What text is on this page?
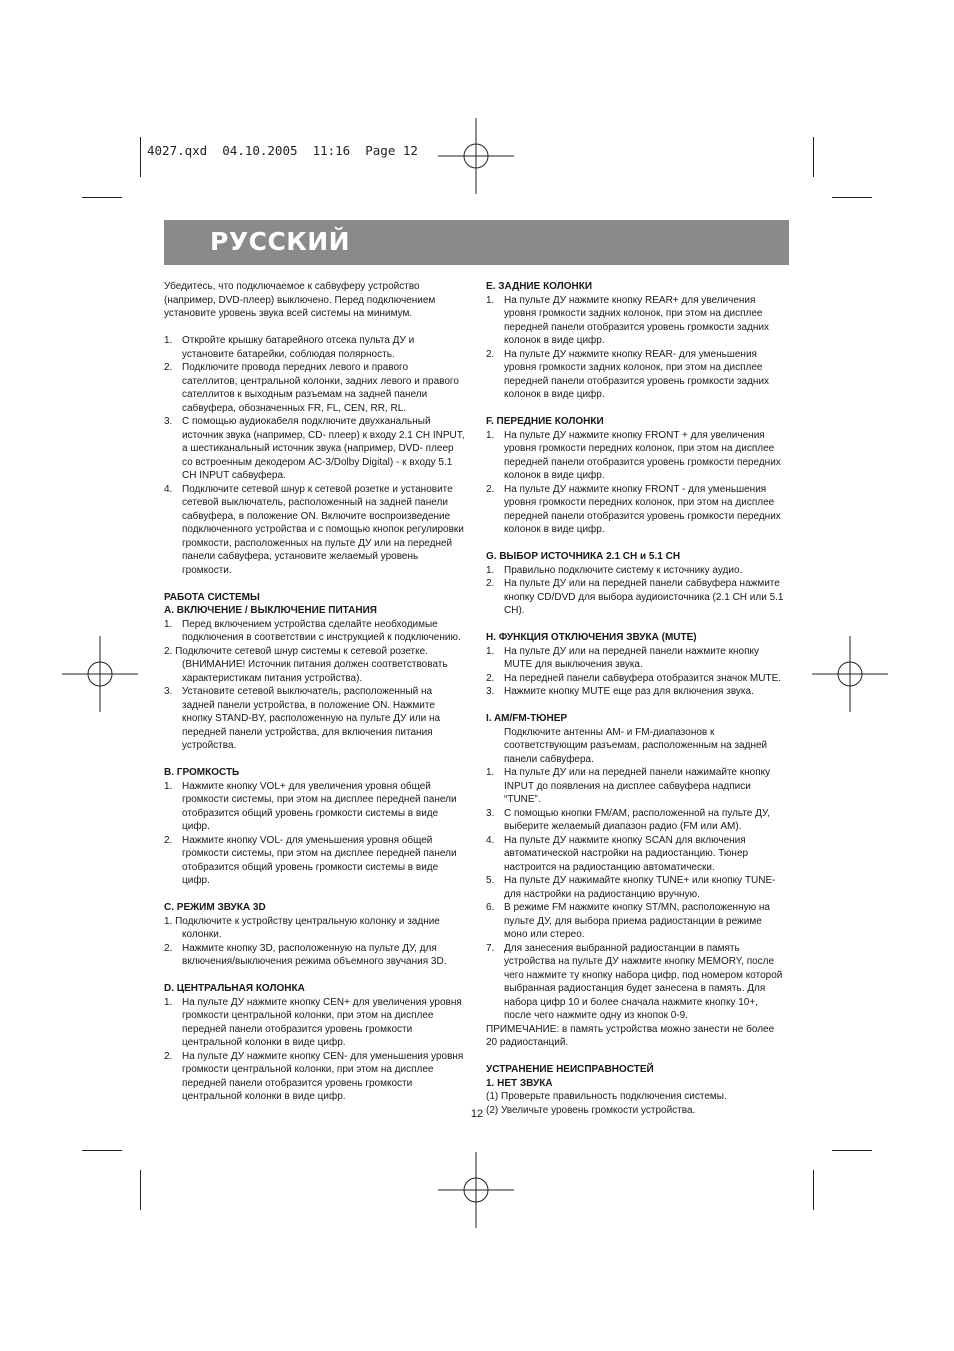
4027.qxd  04.10.2005  11:16  Page 12
РУССКИЙ
Убедитесь, что подключаемое к сабвуферу устройство (например, DVD-плеер) выключено. Перед подключением установите уровень звука всей системы на минимум.
1. Откройте крышку батарейного отсека пульта ДУ и установите батарейки, соблюдая полярность.
2. Подключите провода передних левого и правого сателлитов, центральной колонки, задних левого и правого сателлитов к выходным разъемам на задней панели сабвуфера, обозначенных FR, FL, CEN, RR, RL.
3. С помощью аудиокабеля подключите двухканальный источник звука (например, CD- плеер) к входу 2.1 CH INPUT, а шестиканальный источник звука (например, DVD- плеер со встроенным декодером AC-3/Dolby Digital) - к входу 5.1 CH INPUT сабвуфера.
4. Подключите сетевой шнур к сетевой розетке и установите сетевой выключатель, расположенный на задней панели сабвуфера, в положение ON. Включите воспроизведение подключенного устройства и с помощью кнопок регулировки громкости, расположенных на пульте ДУ или на передней панели сабвуфера, установите желаемый уровень громкости.

РАБОТА СИСТЕМЫ

A. ВКЛЮЧЕНИЕ / ВЫКЛЮЧЕНИЕ ПИТАНИЯ

1. Перед включением устройства сделайте необходимые подключения в соответствии с инструкцией к подключению.
2. Подключите сетевой шнур системы к сетевой розетке.
(ВНИМАНИЕ! Источник питания должен соответствовать характеристикам питания устройства).
3. Установите сетевой выключатель, расположенный на задней панели устройства, в положение ON. Нажмите кнопку STAND-BY, расположенную на пульте ДУ или на передней панели устройства, для включения питания устройства.

B. ГРОМКОСТЬ

1. Нажмите кнопку VOL+ для увеличения уровня общей громкости системы, при этом на дисплее передней панели отобразится общий уровень громкости системы в виде цифр.
2. Нажмите кнопку VOL- для уменьшения уровня общей громкости системы, при этом на дисплее передней панели отобразится общий уровень громкости системы в виде цифр.

C. РЕЖИМ ЗВУКА 3D

1. Подключите к устройству центральную колонку и задние
колонки.
2. Нажмите кнопку 3D, расположенную на пульте ДУ, для включения/выключения режима объемного звучания 3D.

D. ЦЕНТРАЛЬНАЯ КОЛОНКА

1. На пульте ДУ нажмите кнопку CEN+ для увеличения уровня громкости центральной колонки, при этом на дисплее передней панели отобразится уровень громкости центральной колонки в виде цифр.
2. На пульте ДУ нажмите кнопку CEN- для уменьшения уровня громкости центральной колонки, при этом на дисплее передней панели отобразится уровень громкости центральной колонки в виде цифр.

E. ЗАДНИЕ КОЛОНКИ

1. На пульте ДУ нажмите кнопку REAR+ для увеличения уровня громкости задних колонок, при этом на дисплее передней панели отобразится уровень громкости задних колонок в виде цифр.
2. На пульте ДУ нажмите кнопку REAR- для уменьшения уровня громкости задних колонок, при этом на дисплее передней панели отобразится уровень громкости задних колонок в виде цифр.

F. ПЕРЕДНИЕ КОЛОНКИ

1. На пульте ДУ нажмите кнопку FRONT + для увеличения уровня громкости передних колонок, при этом на дисплее передней панели отобразится уровень громкости передних колонок в виде цифр.
2. На пульте ДУ нажмите кнопку FRONT - для уменьшения уровня громкости передних колонок, при этом на дисплее передней панели отобразится уровень громкости передних колонок в виде цифр.

G. ВЫБОР ИСТОЧНИКА 2.1 CH и 5.1 CH

1. Правильно подключите систему к источнику аудио.
2. На пульте ДУ или на передней панели сабвуфера нажмите кнопку CD/DVD для выбора аудиоисточника (2.1 CH или 5.1 CH).

H. ФУНКЦИЯ ОТКЛЮЧЕНИЯ ЗВУКА (MUTE)

1. На пульте ДУ или на передней панели нажмите кнопку MUTE для выключения звука.
2. На передней панели сабвуфера отобразится значок MUTE.
3. Нажмите кнопку MUTE еще раз для включения звука.

I. AM/FM-ТЮНЕР

Подключите антенны AM- и FM-диапазонов к соответствующим разъемам, расположенным на задней панели сабвуфера.
1. На пульте ДУ или на передней панели нажимайте кнопку INPUT до появления на дисплее сабвуфера надписи “TUNE”.
3. С помощью кнопки FM/AM, расположенной на пульте ДУ, выберите желаемый диапазон радио (FM или AM).
4. На пульте ДУ нажмите кнопку SCAN для включения автоматической настройки на радиостанцию. Тюнер настроится на радиостанцию автоматически.
5. На пульте ДУ нажимайте кнопку TUNE+ или кнопку TUNE- для настройки на радиостанцию вручную.
6. В режиме FM нажмите кнопку ST/MN, расположенную на пульте ДУ, для выбора приема радиостанции в режиме моно или стерео.
7. Для занесения выбранной радиостанции в память устройства на пульте ДУ нажмите кнопку MEMORY, после чего нажмите ту кнопку набора цифр, под номером которой выбранная радиостанция будет занесена в память. Для набора цифр 10 и более сначала нажмите кнопку 10+, после чего нажмите одну из кнопок 0-9.

ПРИМЕЧАНИЕ: в память устройства можно занести не более 20 радиостанций.

УСТРАНЕНИЕ НЕИСПРАВНОСТЕЙ

1. НЕТ ЗВУКА

(1) Проверьте правильность подключения системы.

(2) Увеличьте уровень громкости устройства.

12
